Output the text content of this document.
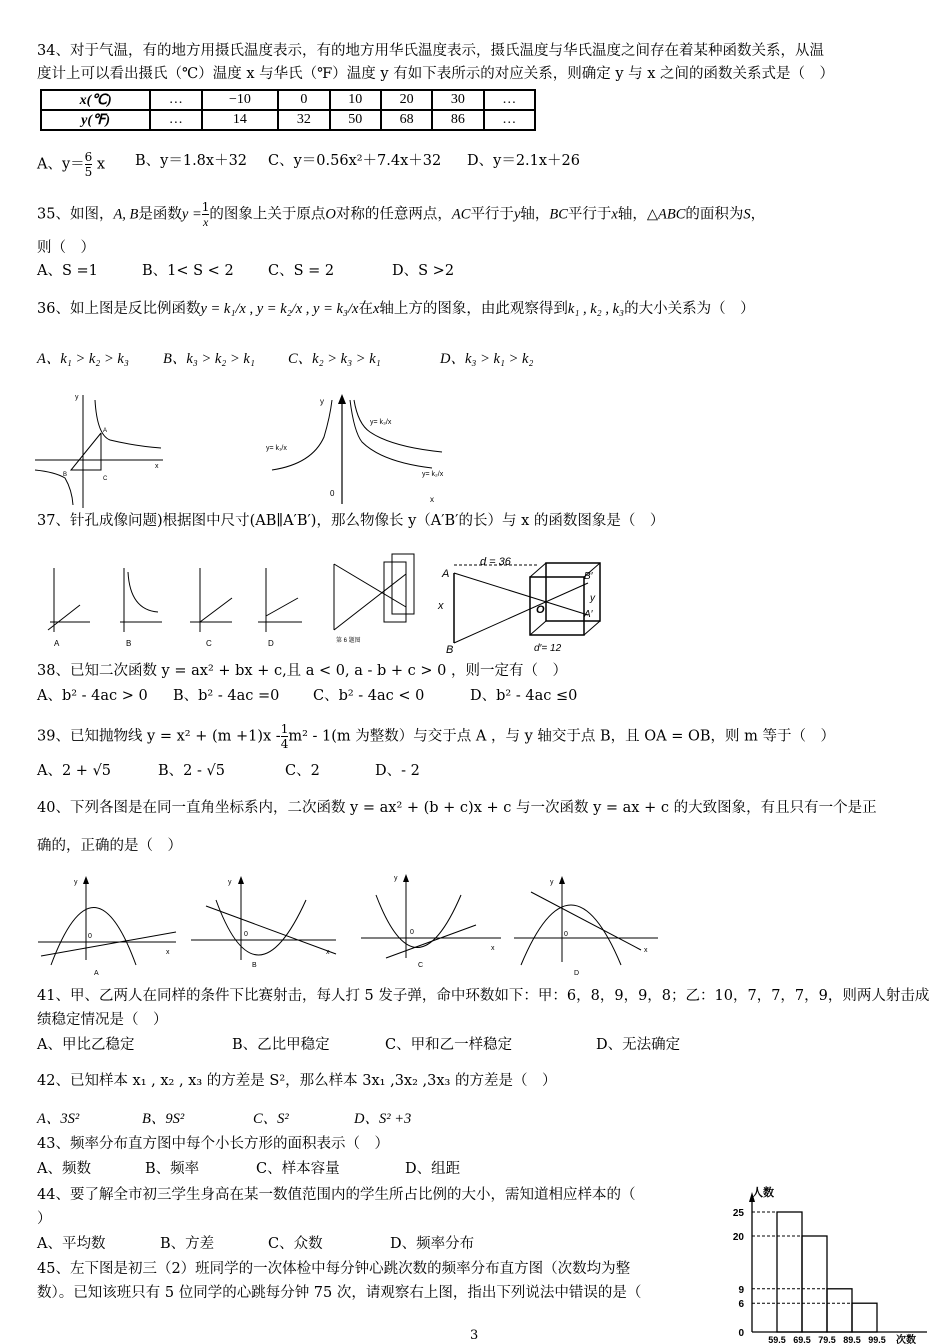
34、对于气温，有的地方用摄氏温度表示，有的地方用华氏温度表示，摄氏温度与华氏温度之间存在着某种函数关系，从温
度计上可以看出摄氏（℃）温度 x 与华氏（℉）温度 y 有如下表所示的对应关系，则确定 y 与 x 之间的函数关系式是（　）
x(℃)	…	−10	0	10	20	30	…
y(℉)	…	14	32	50	68	86	…
A、$y= \frac{6}{5}$ x B、y＝1.8x＋32 C、y＝0.56x²＋7.4x＋32 D、y＝2.1x＋26
35、如图，A, B是函数$y = \frac{1}{x}$ 的图象上关于原点O对称的任意两点，AC平行于y轴，BC平行于x轴，△ABC的面积为S，
则（　）
A、S =1	B、1< S < 2 C、S = 2	D、S >2
36、如上图是反比例函数y = k₁/x , y = k₂/x , y = k₃/x在x轴上方的图象，由此观察得到k₁ , k₂ , k₃的大小关系为（　）
A、k₁ > k₂ > k₃ B、k₃ > k₂ > k₁ C、k₂ > k₃ > k₁	D、k₃ > k₁ > k₂
y
x
A
B
C
y
0
x
y= k₁/x
y= k₃/x
y= k₂/x
37、针孔成像问题)根据图中尺寸(AB∥A′B′)，那么物像长 y（A′B′的长）与 x 的函数图象是（　）
A	B	C	D	第 6 题图
d = 36
A
B
x	O
B′
A′
y
d′= 12
38、已知二次函数 y = ax² + bx + c,且 a < 0, a - b + c > 0 ，则一定有（　）
A、b² - 4ac > 0 B、b² - 4ac =0 C、b² - 4ac < 0	D、b² - 4ac ≤0
39、已知抛物线 $y = x^2 + (m +1)x - \frac{1}{4} m^2 - 1(m$ 为整数）与交于点 A ，与 y 轴交于点 B，且 OA = OB，则 m 等于（　）
A、2 + √5	B、2 - √5	C、2	D、- 2
40、下列各图是在同一直角坐标系内，二次函数 y = ax² + (b + c)x + c 与一次函数 y = ax + c 的大致图象，有且只有一个是正
确的，正确的是（　）
y
0
x
A
y
0
x
B
y
0
x
C
y
0
x
D
41、甲、乙两人在同样的条件下比赛射击，每人打 5 发子弹，命中环数如下：甲：6，8，9，9，8；乙：10，7，7，7，9，则两人射击成
绩稳定情况是（　）
A、甲比乙稳定	B、乙比甲稳定	C、甲和乙一样稳定	D、无法确定
42、已知样本 x₁ , x₂ , x₃ 的方差是 S²，那么样本 3x₁ ,3x₂ ,3x₃ 的方差是（　）
A、3S²	B、9S²	C、S²	D、S² +3
43、频率分布直方图中每个小长方形的面积表示（　）
A、频数	B、频率	C、样本容量	D、组距
44、要了解全市初三学生身高在某一数值范围内的学生所占比例的大小，需知道相应样本的（
）
A、平均数	B、方差	C、众数	D、频率分布
45、左下图是初三（2）班同学的一次体检中每分钟心跳次数的频率分布直方图（次数均为整
数）。已知该班只有 5 位同学的心跳每分钟 75 次，请观察右上图，指出下列说法中错误的是（
人数
次数
0
6
9
20
25
59.5 69.5 79.5 89.5 99.5
3
